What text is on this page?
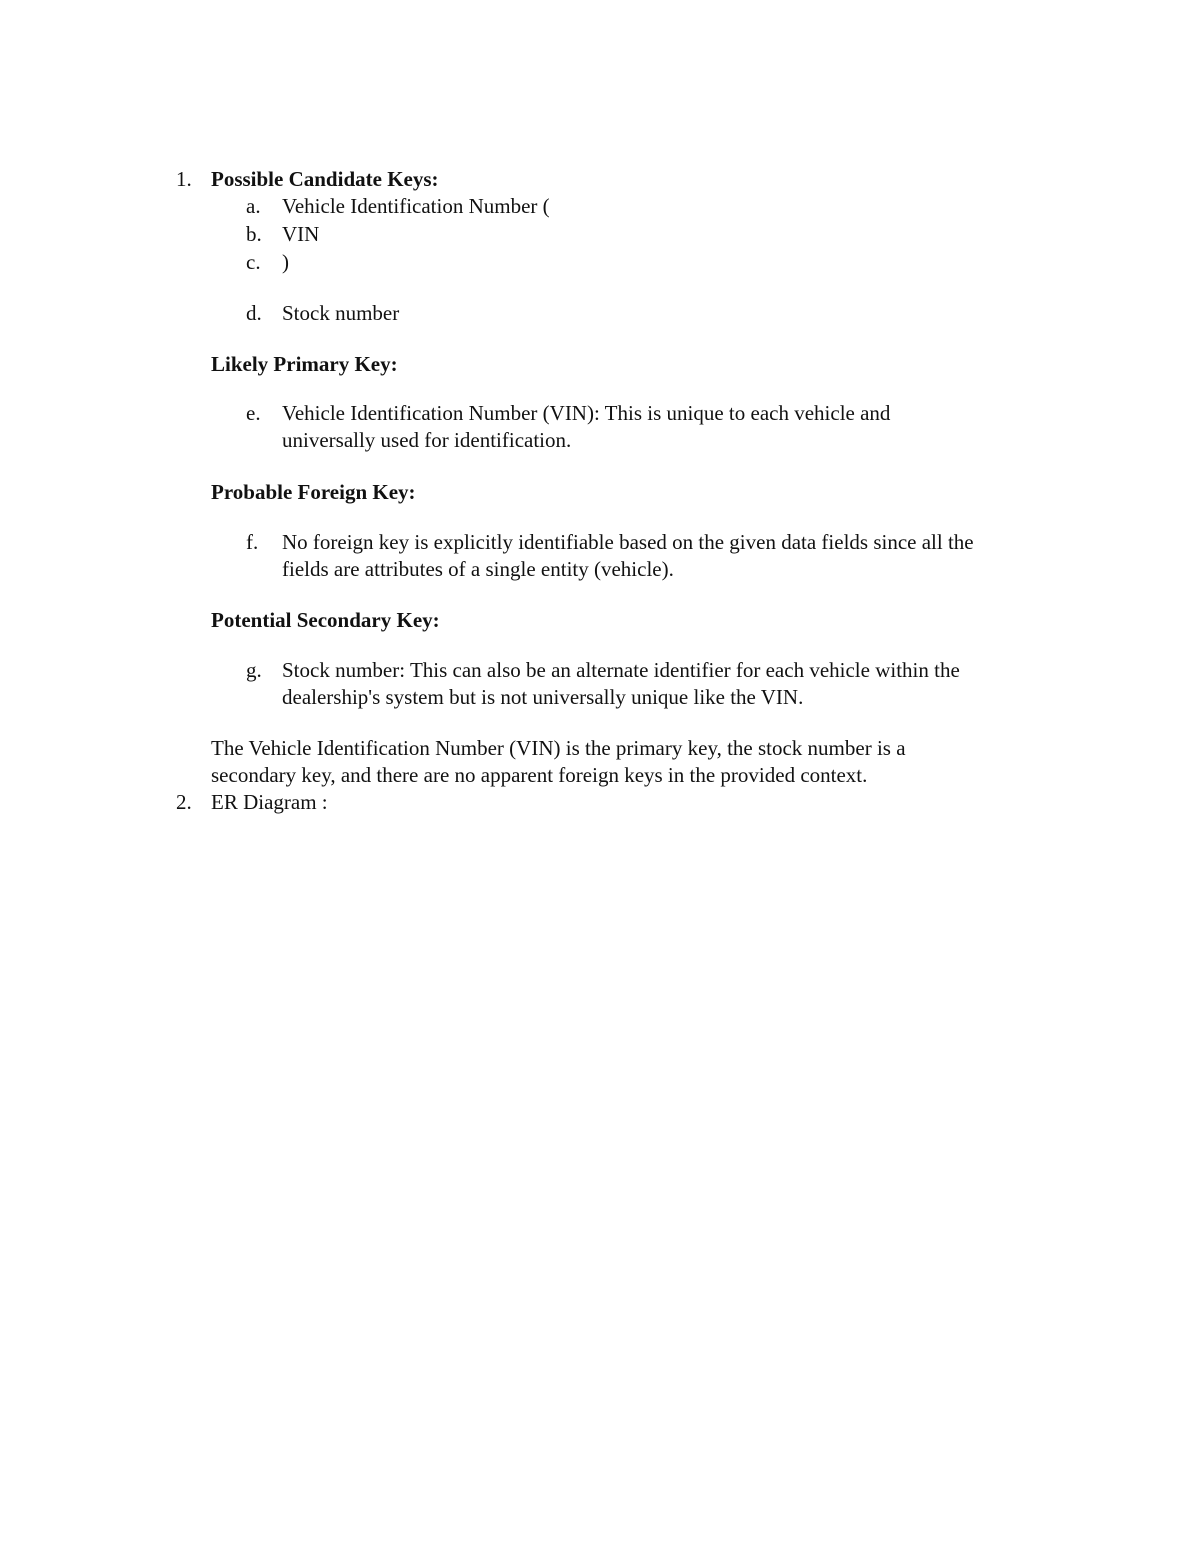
1. Possible Candidate Keys:
a. Vehicle Identification Number (
b. VIN
c. )
d. Stock number
Likely Primary Key:
e. Vehicle Identification Number (VIN): This is unique to each vehicle and
universally used for identification.
Probable Foreign Key:
f. No foreign key is explicitly identifiable based on the given data fields since all the
fields are attributes of a single entity (vehicle).
Potential Secondary Key:
g. Stock number: This can also be an alternate identifier for each vehicle within the
dealership's system but is not universally unique like the VIN.
The Vehicle Identification Number (VIN) is the primary key, the stock number is a
secondary key, and there are no apparent foreign keys in the provided context.
2. ER Diagram :
